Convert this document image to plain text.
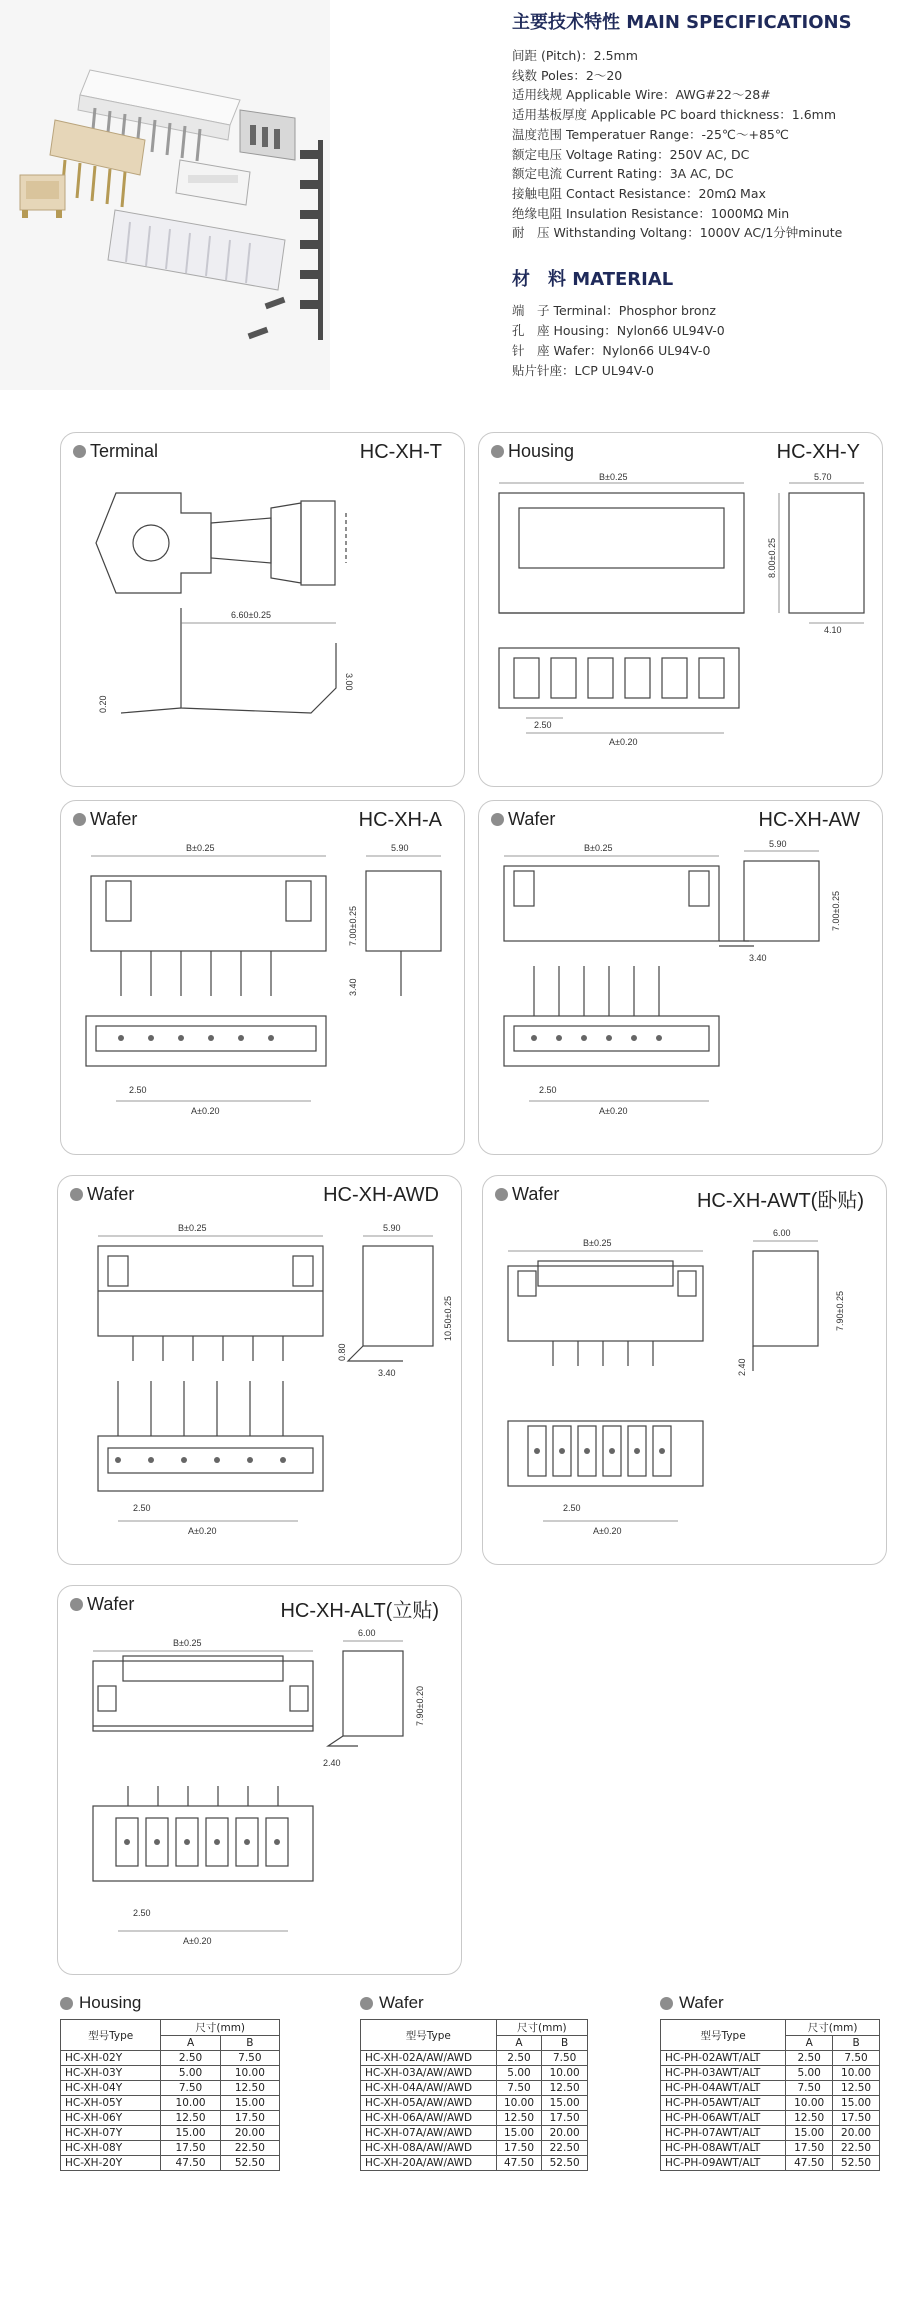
主要技术特性 MAIN SPECIFICATIONS
间距 (Pitch)：2.5mm
线数 Poles：2～20
适用线规 Applicable Wire：AWG#22～28#
适用基板厚度 Applicable PC board thickness：1.6mm
温度范围 Temperatuer Range：-25℃～+85℃
额定电压 Voltage Rating：250V AC, DC
额定电流 Current Rating：3A AC, DC
接触电阻 Contact Resistance：20mΩ Max
绝缘电阻 Insulation Resistance：1000MΩ Min
耐　压 Withstanding Voltang：1000V AC/1分钟minute
材　料 MATERIAL
端　子 Terminal：Phosphor bronz
孔　座 Housing：Nylon66 UL94V-0
针　座 Wafer：Nylon66 UL94V-0
贴片针座：LCP UL94V-0
6.60±0.25
3.00
0.20
Terminal	HC-XH-T
B±0.25	5.70
8.00±0.25
4.10
2.50
A±0.20
Housing	HC-XH-Y
B±0.25	5.90
7.00±0.25
3.40
2.50
A±0.20
Wafer	HC-XH-A
B±0.25	5.90
7.00±0.25
3.40
2.50
A±0.20
Wafer	HC-XH-AW
B±0.25	5.90
10.50±0.25
0.80
3.40
2.50
A±0.20
Wafer	HC-XH-AWD
B±0.25
6.00
7.90±0.25
2.40
2.50
A±0.20
Wafer	HC-XH-AWT(卧贴)
B±0.25
6.00
7.90±0.20
2.40
2.50
A±0.20
Wafer	HC-XH-ALT(立贴)
Housing
型号Type	尺寸(mm)	
	A	B
HC-XH-02Y	2.50	7.50
HC-XH-03Y	5.00	10.00
HC-XH-04Y	7.50	12.50
HC-XH-05Y	10.00	15.00
HC-XH-06Y	12.50	17.50
HC-XH-07Y	15.00	20.00
HC-XH-08Y	17.50	22.50
HC-XH-20Y	47.50	52.50
Wafer
型号Type	尺寸(mm)	
	A	B
HC-XH-02A/AW/AWD	2.50	7.50
HC-XH-03A/AW/AWD	5.00	10.00
HC-XH-04A/AW/AWD	7.50	12.50
HC-XH-05A/AW/AWD	10.00	15.00
HC-XH-06A/AW/AWD	12.50	17.50
HC-XH-07A/AW/AWD	15.00	20.00
HC-XH-08A/AW/AWD	17.50	22.50
HC-XH-20A/AW/AWD	47.50	52.50
Wafer
型号Type	尺寸(mm)	
	A	B
HC-PH-02AWT/ALT	2.50	7.50
HC-PH-03AWT/ALT	5.00	10.00
HC-PH-04AWT/ALT	7.50	12.50
HC-PH-05AWT/ALT	10.00	15.00
HC-PH-06AWT/ALT	12.50	17.50
HC-PH-07AWT/ALT	15.00	20.00
HC-PH-08AWT/ALT	17.50	22.50
HC-PH-09AWT/ALT	47.50	52.50
